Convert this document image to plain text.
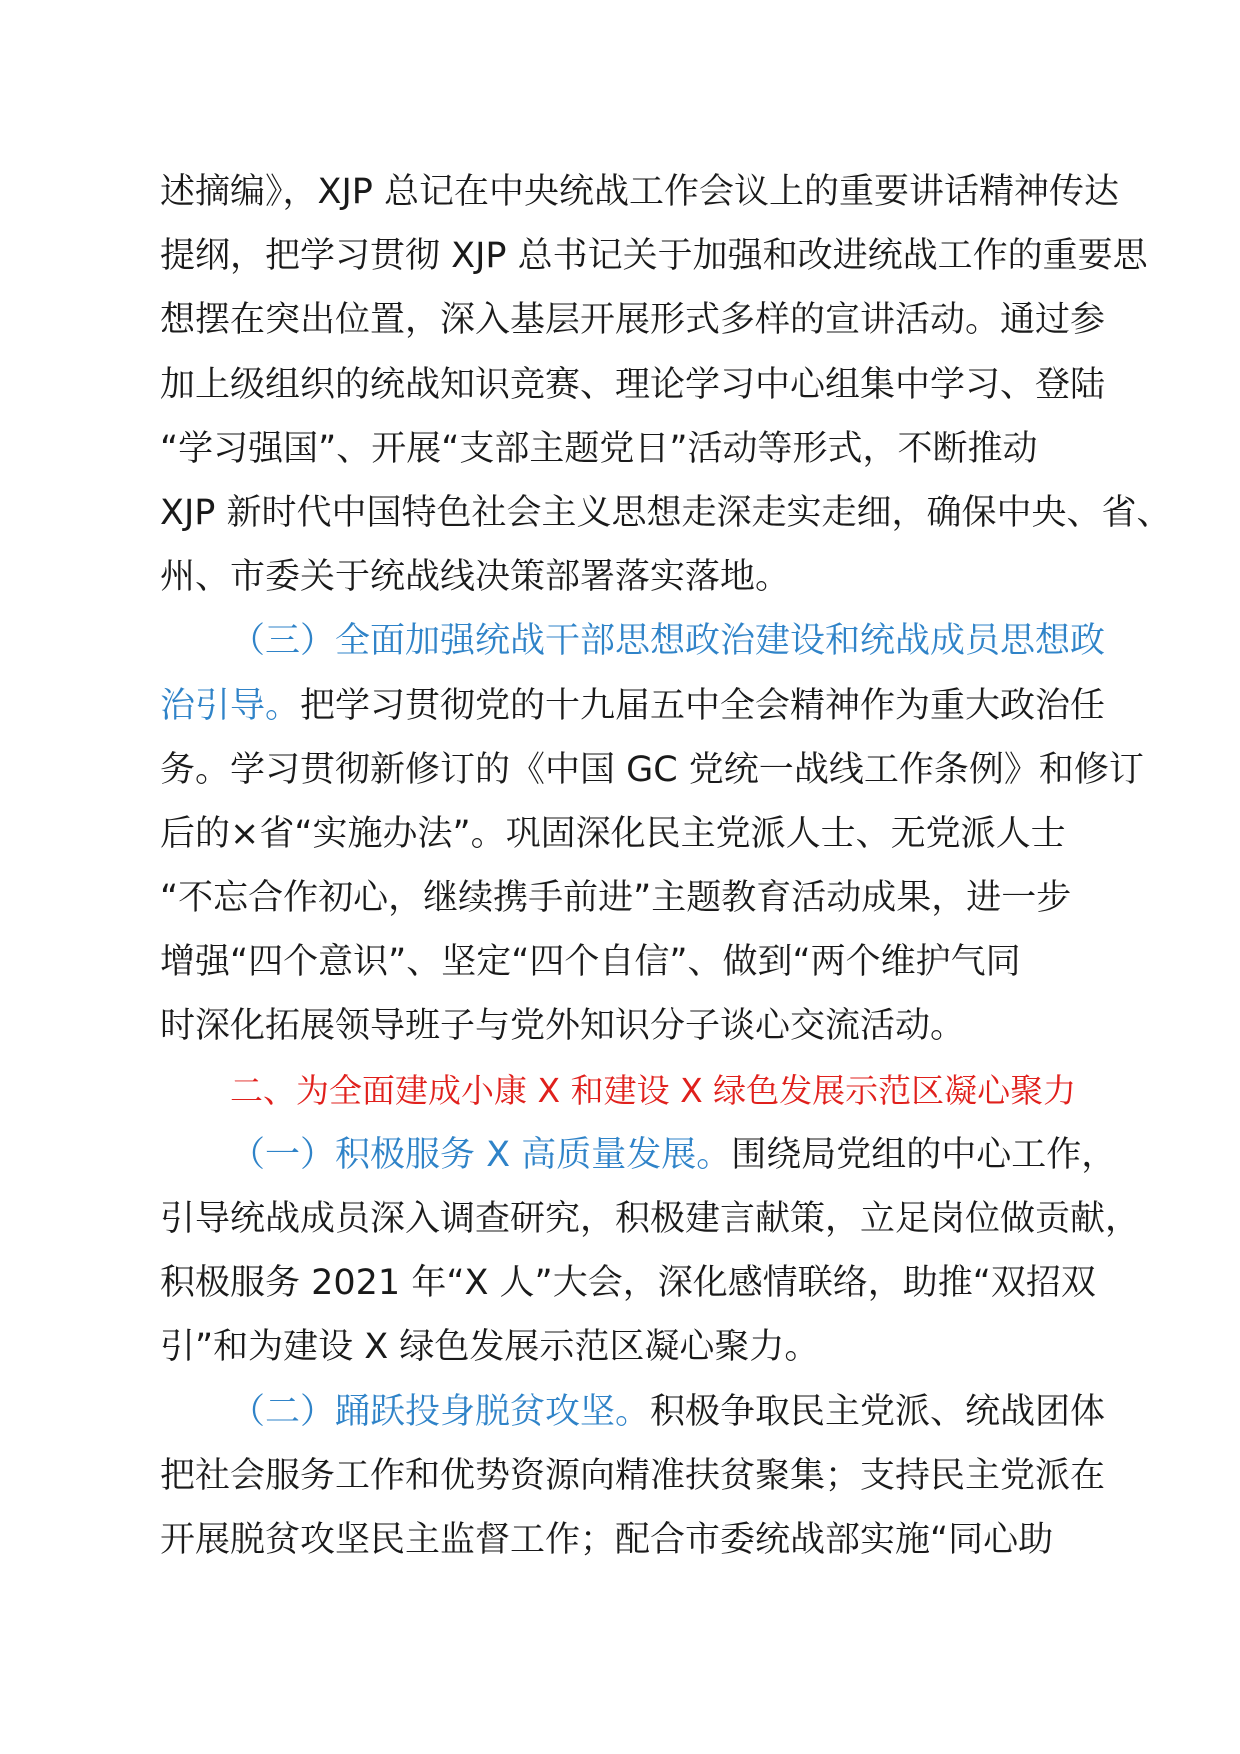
述摘编》，XJP 总记在中央统战工作会议上的重要讲话精神传达
提纲，把学习贯彻 XJP 总书记关于加强和改进统战工作的重要思
想摆在突出位置，深入基层开展形式多样的宣讲活动。通过参
加上级组织的统战知识竞赛、理论学习中心组集中学习、登陆
“学习强国”、开展“支部主题党日”活动等形式，不断推动
XJP 新时代中国特色社会主义思想走深走实走细，确保中央、省、
州、市委关于统战线决策部署落实落地。
（三）全面加强统战干部思想政治建设和统战成员思想政
治引导。把学习贯彻党的十九届五中全会精神作为重大政治任
务。学习贯彻新修订的《中国 GC 党统一战线工作条例》和修订
后的×省“实施办法”。巩固深化民主党派人士、无党派人士
“不忘合作初心，继续携手前进”主题教育活动成果，进一步
增强“四个意识”、坚定“四个自信”、做到“两个维护气同
时深化拓展领导班子与党外知识分子谈心交流活动。
二、为全面建成小康 X 和建设 X 绿色发展示范区凝心聚力
（一）积极服务 X 高质量发展。围绕局党组的中心工作，
引导统战成员深入调查研究，积极建言献策，立足岗位做贡献，
积极服务 2021 年“X 人”大会，深化感情联络，助推“双招双
引”和为建设 X 绿色发展示范区凝心聚力。
（二）踊跃投身脱贫攻坚。积极争取民主党派、统战团体
把社会服务工作和优势资源向精准扶贫聚集；支持民主党派在
开展脱贫攻坚民主监督工作；配合市委统战部实施“同心助
